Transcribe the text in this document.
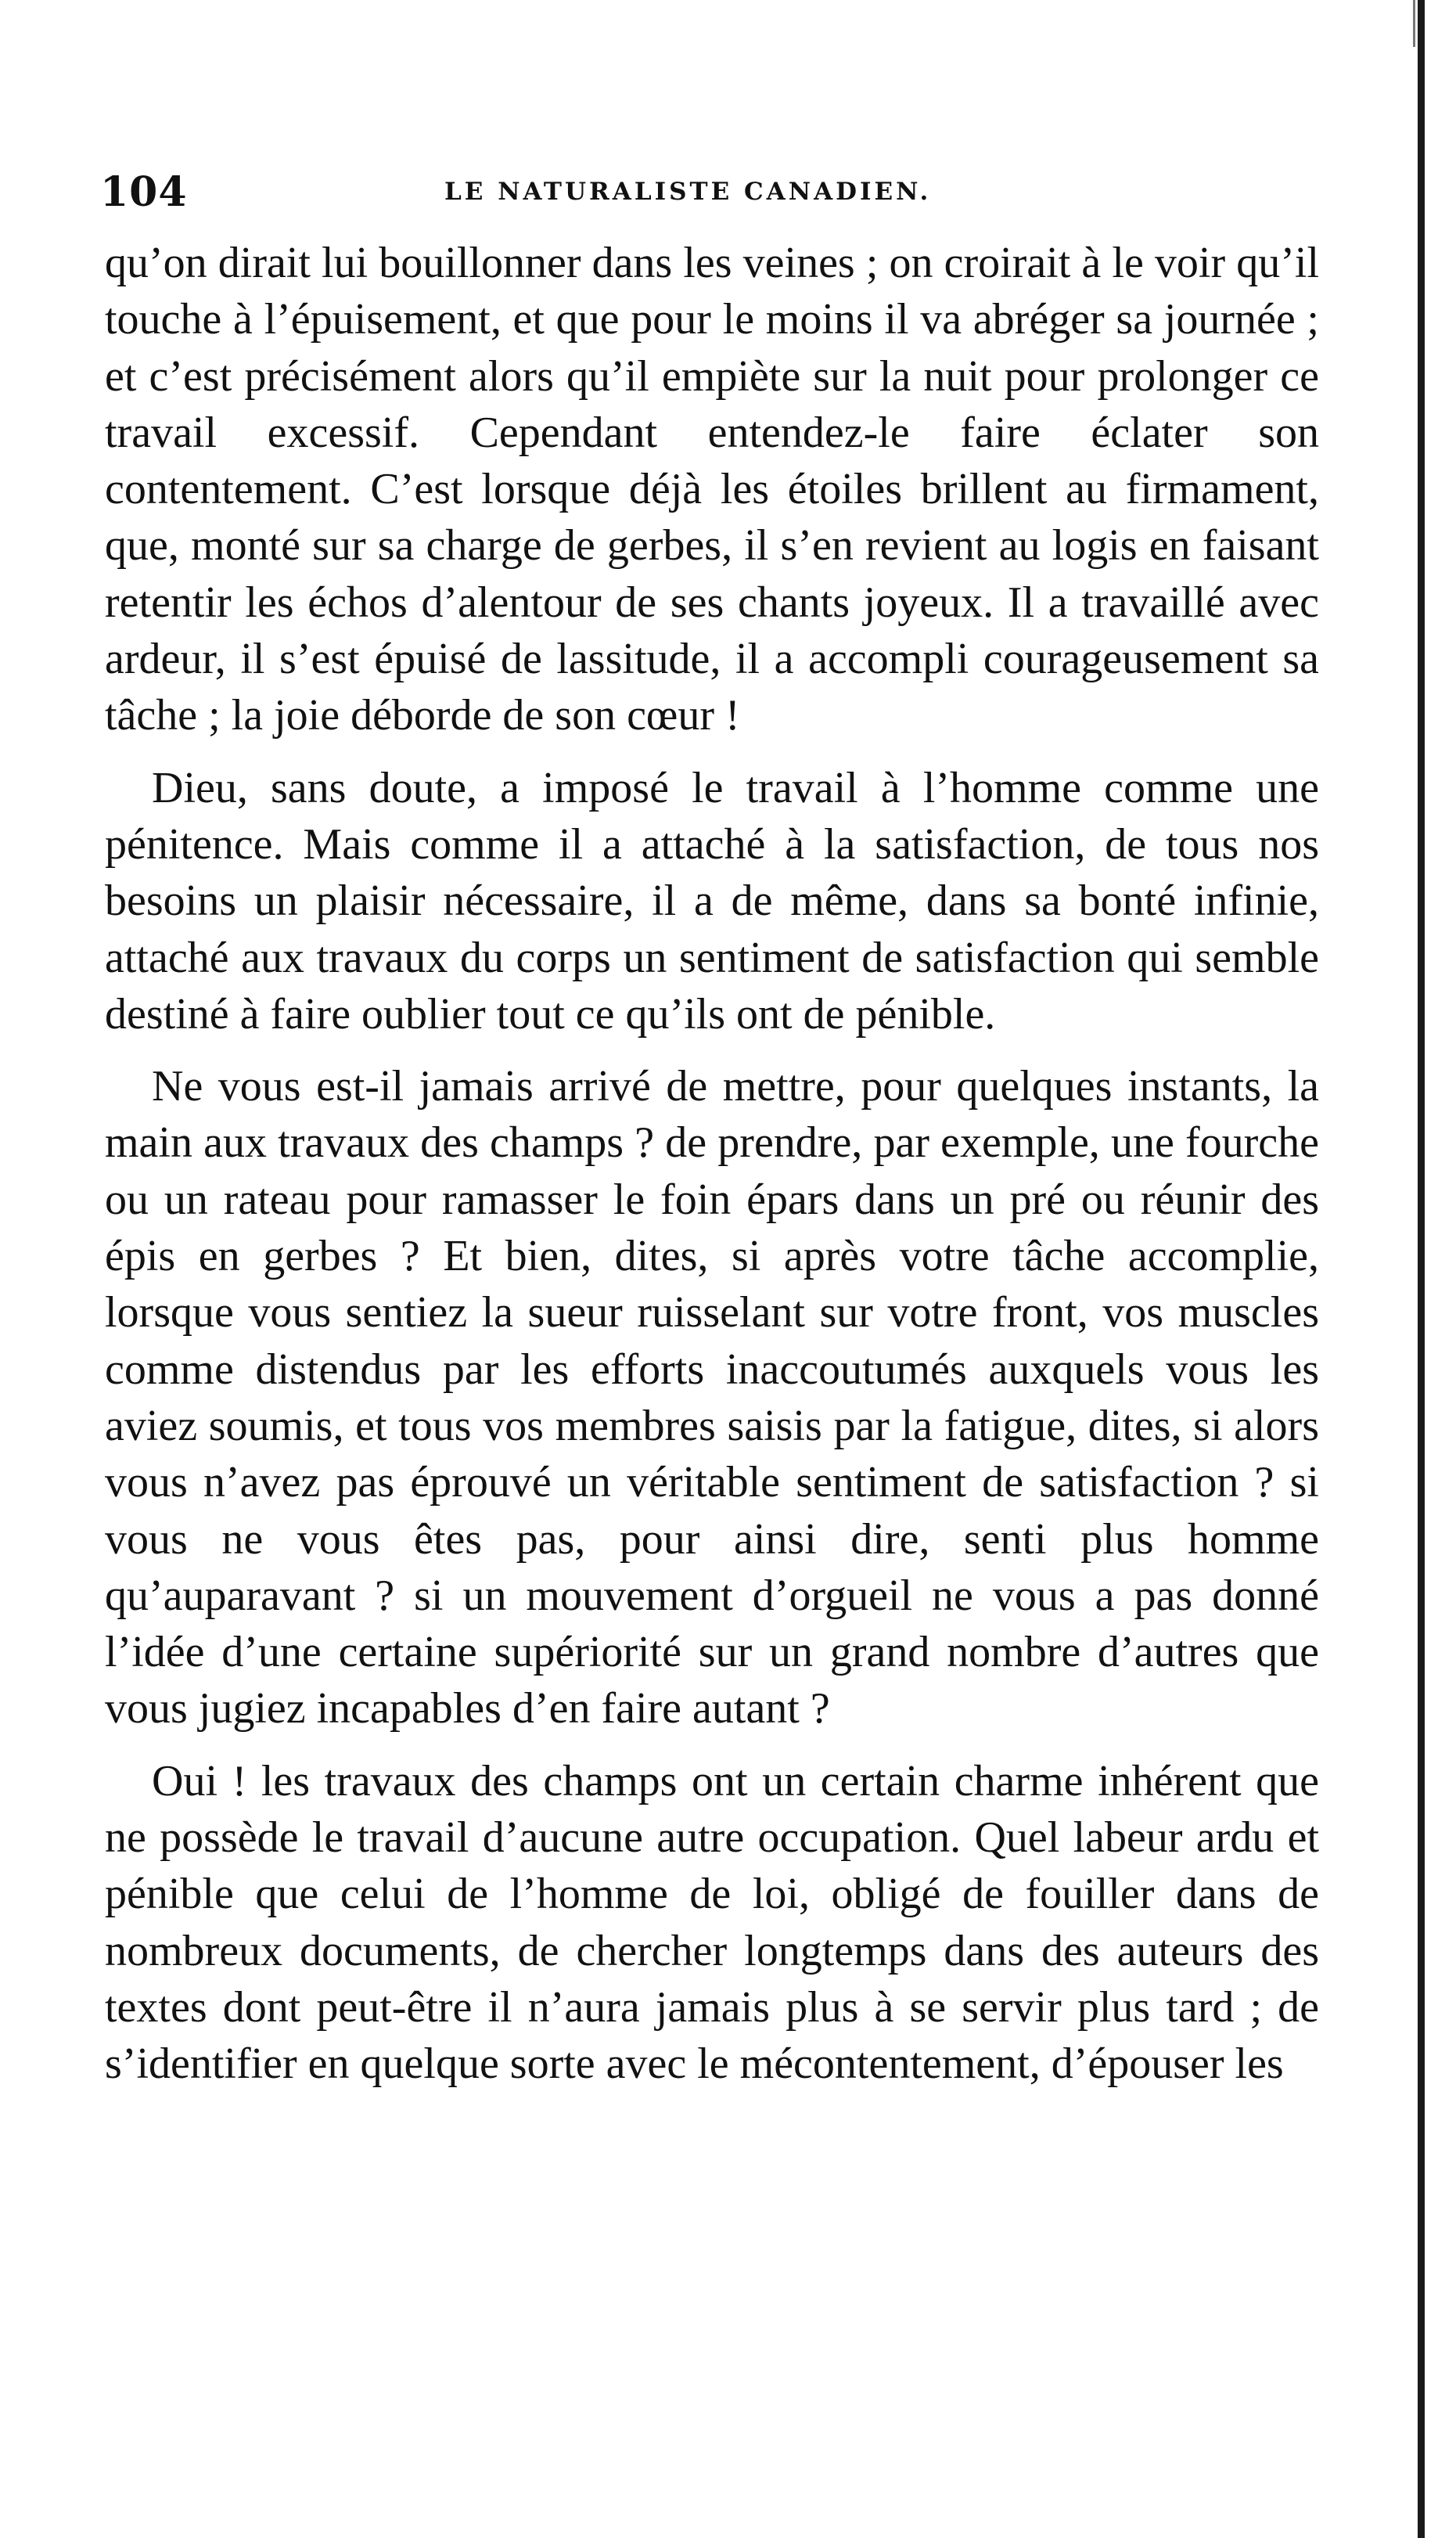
104	LE NATURALISTE CANADIEN.

qu’on dirait lui bouillonner dans les veines ; on croirait à le voir qu’il touche à l’épuisement, et que pour le moins il va abréger sa journée ; et c’est précisément alors qu’il empiète sur la nuit pour prolonger ce travail excessif. Cependant entendez-le faire éclater son contentement. C’est lorsque déjà les étoiles brillent au firmament, que, monté sur sa charge de gerbes, il s’en revient au logis en faisant retentir les échos d’alentour de ses chants joyeux. Il a travaillé avec ardeur, il s’est épuisé de lassitude, il a accompli courageusement sa tâche ; la joie déborde de son cœur !

Dieu, sans doute, a imposé le travail à l’homme comme une pénitence. Mais comme il a attaché à la satisfaction, de tous nos besoins un plaisir nécessaire, il a de même, dans sa bonté infinie, attaché aux travaux du corps un sentiment de satisfaction qui semble destiné à faire oublier tout ce qu’ils ont de pénible.

Ne vous est-il jamais arrivé de mettre, pour quelques instants, la main aux travaux des champs ? de prendre, par exemple, une fourche ou un rateau pour ramasser le foin épars dans un pré ou réunir des épis en gerbes ? Et bien, dites, si après votre tâche accomplie, lorsque vous sentiez la sueur ruisselant sur votre front, vos muscles comme distendus par les efforts inaccoutumés auxquels vous les aviez soumis, et tous vos membres saisis par la fatigue, dites, si alors vous n’avez pas éprouvé un véritable sentiment de satisfaction ? si vous ne vous êtes pas, pour ainsi dire, senti plus homme qu’auparavant ? si un mouvement d’orgueil ne vous a pas donné l’idée d’une certaine supériorité sur un grand nombre d’autres que vous jugiez incapables d’en faire autant ?

Oui ! les travaux des champs ont un certain charme inhérent que ne possède le travail d’aucune autre occupation. Quel labeur ardu et pénible que celui de l’homme de loi, obligé de fouiller dans de nombreux documents, de chercher longtemps dans des auteurs des textes dont peut-être il n’aura jamais plus à se servir plus tard ; de s’identifier en quelque sorte avec le mécontentement, d’épouser les
